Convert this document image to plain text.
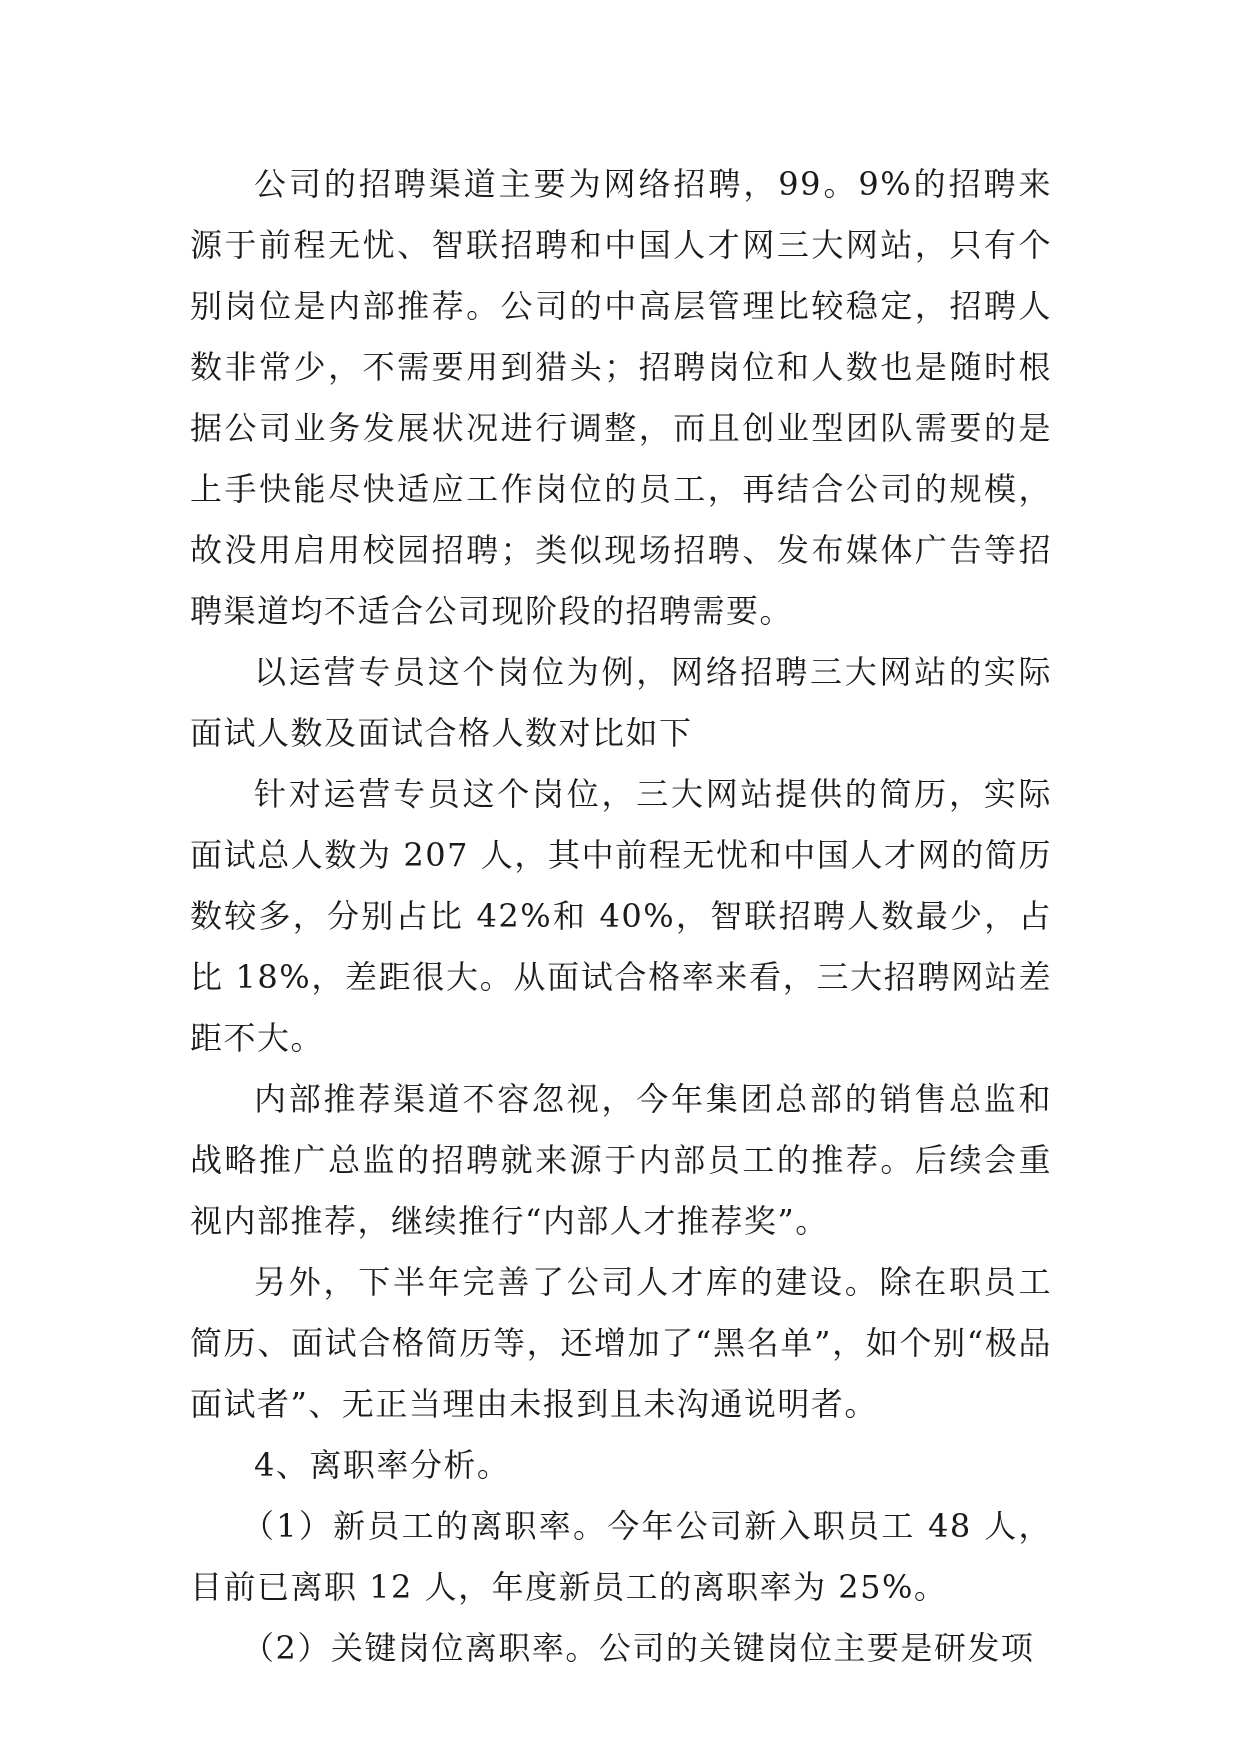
公司的招聘渠道主要为网络招聘，99。9%的招聘来源于前程无忧、智联招聘和中国人才网三大网站，只有个别岗位是内部推荐。公司的中高层管理比较稳定，招聘人数非常少，不需要用到猎头；招聘岗位和人数也是随时根据公司业务发展状况进行调整，而且创业型团队需要的是上手快能尽快适应工作岗位的员工，再结合公司的规模，故没用启用校园招聘；类似现场招聘、发布媒体广告等招聘渠道均不适合公司现阶段的招聘需要。

以运营专员这个岗位为例，网络招聘三大网站的实际面试人数及面试合格人数对比如下

针对运营专员这个岗位，三大网站提供的简历，实际面试总人数为 207 人，其中前程无忧和中国人才网的简历数较多，分别占比 42%和 40%，智联招聘人数最少，占比 18%，差距很大。从面试合格率来看，三大招聘网站差距不大。

内部推荐渠道不容忽视，今年集团总部的销售总监和战略推广总监的招聘就来源于内部员工的推荐。后续会重视内部推荐，继续推行“内部人才推荐奖”。

另外，下半年完善了公司人才库的建设。除在职员工简历、面试合格简历等，还增加了“黑名单”，如个别“极品面试者”、无正当理由未报到且未沟通说明者。

4、离职率分析。

（1）新员工的离职率。今年公司新入职员工 48 人，目前已离职 12 人，年度新员工的离职率为 25%。

（2）关键岗位离职率。公司的关键岗位主要是研发项
